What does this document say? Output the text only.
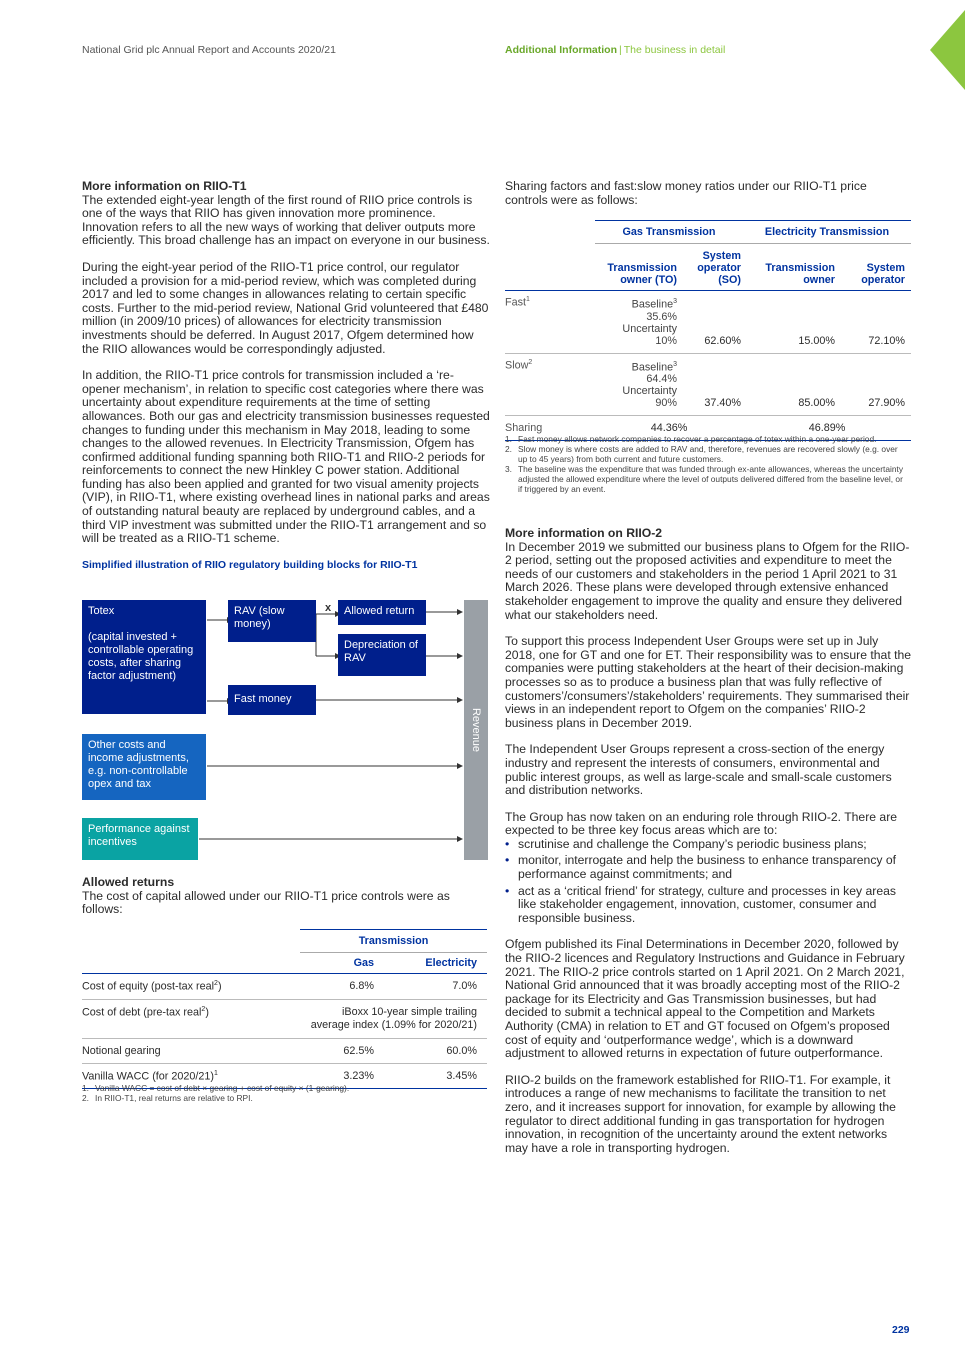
National Grid plc Annual Report and Accounts 2020/21	Additional Information | The business in detail
More information on RIIO-T1

The extended eight-year length of the first round of RIIO price controls is one of the ways that RIIO has given innovation more prominence. Innovation refers to all the new ways of working that deliver outputs more efficiently. This broad challenge has an impact on everyone in our business.

During the eight-year period of the RIIO-T1 price control, our regulator included a provision for a mid-period review, which was completed during 2017 and led to some changes in allowances relating to certain specific costs. Further to the mid-period review, National Grid volunteered that £480 million (in 2009/10 prices) of allowances for electricity transmission investments should be deferred. In August 2017, Ofgem determined how the RIIO allowances would be correspondingly adjusted.

In addition, the RIIO-T1 price controls for transmission included a ‘re-opener mechanism’, in relation to specific cost categories where there was uncertainty about expenditure requirements at the time of setting allowances. Both our gas and electricity transmission businesses requested changes to funding under this mechanism in May 2018, leading to some changes to the allowed revenues. In Electricity Transmission, Ofgem has confirmed additional funding spanning both RIIO-T1 and RIIO-2 periods for reinforcements to connect the new Hinkley C power station. Additional funding has also been applied and granted for two visual amenity projects (VIP), in RIIO-T1, where existing overhead lines in national parks and areas of outstanding natural beauty are replaced by underground cables, and a third VIP investment was submitted under the RIIO-T1 arrangement and so will be treated as a RIIO-T1 scheme.

Simplified illustration of RIIO regulatory building blocks for RIIO-T1
Totex
(capital invested + controllable operating costs, after sharing factor adjustment)
RAV (slow money)
x	Allowed return
Depreciation of RAV
Fast money
Other costs and income adjustments, e.g. non-controllable opex and tax
Performance against incentives
Revenue
Allowed returns

The cost of capital allowed under our RIIO-T1 price controls were as follows:

	Transmission	
	Gas	Electricity
Cost of equity (post-tax real$^2$)	6.8%	7.0%
Cost of debt (pre-tax real$^2$)	iBoxx 10-year simple trailing average index (1.09% for 2020/21)	
Notional gearing	62.5%	60.0%
Vanilla WACC (for 2020/21)$^1$	3.23%	3.45%
1. Vanilla WACC = cost of debt × gearing + cost of equity × (1-gearing).
2. In RIIO-T1, real returns are relative to RPI.
Sharing factors and fast:slow money ratios under our RIIO-T1 price controls were as follows:
	Gas Transmission		Electricity Transmission	
	Transmission owner (TO)	System operator (SO)	Transmission owner	System operator
Fast$^1$	Baseline$^3$
35.6%
Uncertainty
10%	62.60%	15.00%	72.10%
Slow$^2$	Baseline$^3$
64.4%
Uncertainty
90%	37.40%	85.00%	27.90%
Sharing	44.36%		46.89%	
1. Fast money allows network companies to recover a percentage of totex within a one-year period.
2. Slow money is where costs are added to RAV and, therefore, revenues are recovered slowly (e.g. over up to 45 years) from both current and future customers.
3. The baseline was the expenditure that was funded through ex-ante allowances, whereas the uncertainty adjusted the allowed expenditure where the level of outputs delivered differed from the baseline level, or if triggered by an event.
More information on RIIO-2

In December 2019 we submitted our business plans to Ofgem for the RIIO-2 period, setting out the proposed activities and expenditure to meet the needs of our customers and stakeholders in the period 1 April 2021 to 31 March 2026. These plans were developed through extensive enhanced stakeholder engagement to improve the quality and ensure they delivered what our stakeholders need.

To support this process Independent User Groups were set up in July 2018, one for GT and one for ET. Their responsibility was to ensure that the companies were putting stakeholders at the heart of their decision-making processes so as to produce a business plan that was fully reflective of customers’/consumers’/stakeholders’ requirements. They summarised their views in an independent report to Ofgem on the companies’ RIIO-2 business plans in December 2019.

The Independent User Groups represent a cross-section of the energy industry and represent the interests of consumers, environmental and public interest groups, as well as large-scale and small-scale customers and distribution networks.

The Group has now taken on an enduring role through RIIO-2. There are expected to be three key focus areas which are to:

• scrutinise and challenge the Company’s periodic business plans;
• monitor, interrogate and help the business to enhance transparency of performance against commitments; and
• act as a ‘critical friend’ for strategy, culture and processes in key areas like stakeholder engagement, innovation, customer, consumer and responsible business.

Ofgem published its Final Determinations in December 2020, followed by the RIIO-2 licences and Regulatory Instructions and Guidance in February 2021. The RIIO-2 price controls started on 1 April 2021. On 2 March 2021, National Grid announced that it was broadly accepting most of the RIIO-2 package for its Electricity and Gas Transmission businesses, but had decided to submit a technical appeal to the Competition and Markets Authority (CMA) in relation to ET and GT focused on Ofgem’s proposed cost of equity and ‘outperformance wedge’, which is a downward adjustment to allowed returns in expectation of future outperformance.

RIIO-2 builds on the framework established for RIIO-T1. For example, it introduces a range of new mechanisms to facilitate the transition to net zero, and it increases support for innovation, for example by allowing the regulator to direct additional funding in gas transportation for hydrogen innovation, in recognition of the uncertainty around the extent networks may have a role in transporting hydrogen.

229
